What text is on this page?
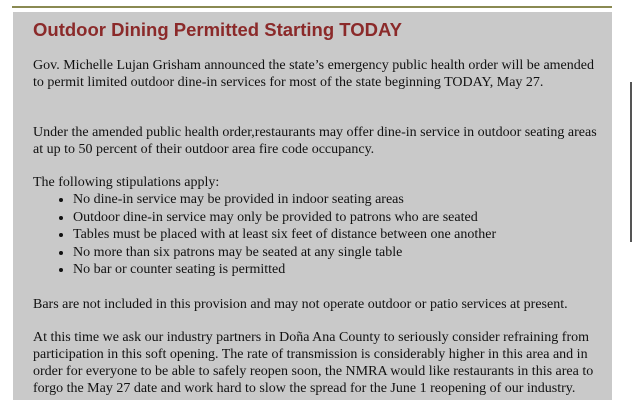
Outdoor Dining Permitted Starting TODAY

Gov. Michelle Lujan Grisham announced the state’s emergency public health order will be amended to permit limited outdoor dine-in services for most of the state beginning TODAY, May 27.

Under the amended public health order,restaurants may offer dine-in service in outdoor seating areas at up to 50 percent of their outdoor area fire code occupancy.

The following stipulations apply:

• No dine-in service may be provided in indoor seating areas
• Outdoor dine-in service may only be provided to patrons who are seated
• Tables must be placed with at least six feet of distance between one another
• No more than six patrons may be seated at any single table
• No bar or counter seating is permitted

Bars are not included in this provision and may not operate outdoor or patio services at present.

At this time we ask our industry partners in Doña Ana County to seriously consider refraining from participation in this soft opening. The rate of transmission is considerably higher in this area and in order for everyone to be able to safely reopen soon, the NMRA would like restaurants in this area to forgo the May 27 date and work hard to slow the spread for the June 1 reopening of our industry.
